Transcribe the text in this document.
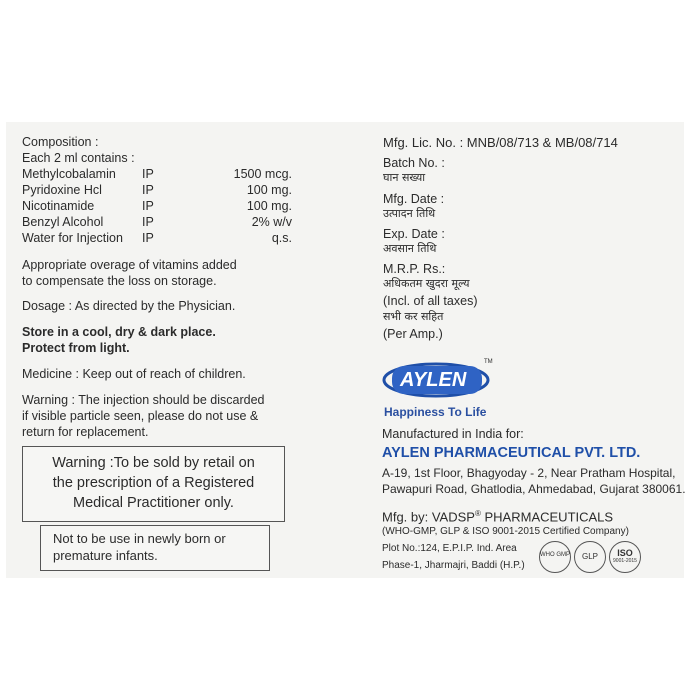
Composition :
Each 2 ml contains :
Methylcobalamin IP	1500 mcg.
Pyridoxine Hcl	IP	100 mg.
Nicotinamide	IP	100 mg.
Benzyl Alcohol	IP	2% w/v
Water for Injection IP	q.s.
Appropriate overage of vitamins added
to compensate the loss on storage.
Dosage : As directed by the Physician.
Store in a cool, dry & dark place.
Protect from light.
Medicine : Keep out of reach of children.
Warning : The injection should be discarded
if visible particle seen, please do not use &
return for replacement.
Warning :To be sold by retail on
the prescription of a Registered
Medical Practitioner only.
Not to be use in newly born or
premature infants.
Mfg. Lic. No. : MNB/08/713 & MB/08/714
Batch No. :
घान सख्या
Mfg. Date :
उत्पादन तिथि
Exp. Date :
अवसान तिथि
M.R.P. Rs.:
अधिकतम खुदरा मूल्य
(Incl. of all taxes)
सभी कर सहित
(Per Amp.)
AYLEN
TM
Happiness To Life
Manufactured in India for:
AYLEN PHARMACEUTICAL PVT. LTD.
A-19, 1st Floor, Bhagyoday - 2, Near Pratham Hospital,
Pawapuri Road, Ghatlodia, Ahmedabad, Gujarat 380061.
Mfg. by: VADSP® PHARMACEUTICALS
(WHO-GMP, GLP & ISO 9001-2015 Certified Company)
Plot No.:124, E.P.I.P. Ind. Area
Phase-1, Jharmajri, Baddi (H.P.)
WHO GMP	GLP	ISO
9001-2015
